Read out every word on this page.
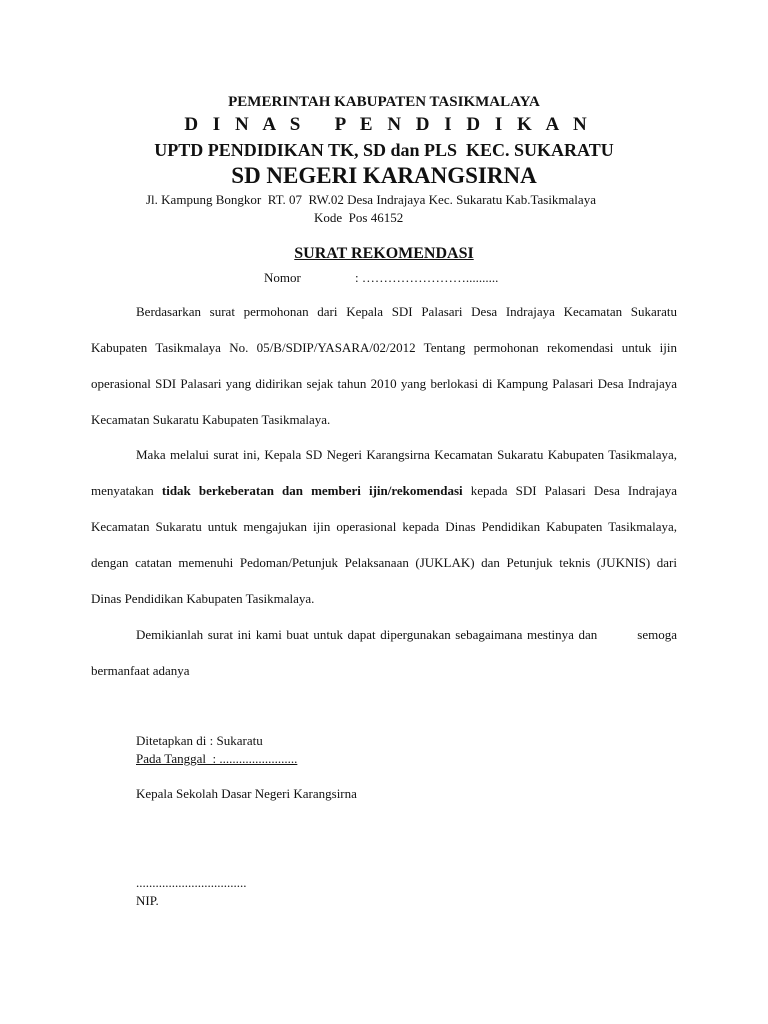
PEMERINTAH KABUPATEN TASIKMALAYA
D I N A S   P E N D I D I K A N
UPTD PENDIDIKAN TK, SD dan PLS  KEC. SUKARATU
SD NEGERI KARANGSIRNA
Jl. Kampung Bongkor  RT. 07  RW.02 Desa Indrajaya Kec. Sukaratu Kab.Tasikmalaya
Kode  Pos 46152
SURAT REKOMENDASI
Nomor	: ……………………..........

Berdasarkan surat permohonan dari Kepala SDI Palasari Desa Indrajaya Kecamatan Sukaratu Kabupaten Tasikmalaya No. 05/B/SDIP/YASARA/02/2012 Tentang permohonan rekomendasi untuk ijin operasional SDI Palasari yang didirikan sejak tahun 2010 yang berlokasi di Kampung Palasari Desa Indrajaya Kecamatan Sukaratu Kabupaten Tasikmalaya.

Maka melalui surat ini, Kepala SD Negeri Karangsirna Kecamatan Sukaratu Kabupaten Tasikmalaya, menyatakan tidak berkeberatan dan memberi ijin/rekomendasi kepada SDI Palasari Desa Indrajaya Kecamatan Sukaratu untuk mengajukan ijin operasional kepada Dinas Pendidikan Kabupaten Tasikmalaya, dengan catatan memenuhi Pedoman/Petunjuk Pelaksanaan (JUKLAK) dan Petunjuk teknis (JUKNIS) dari Dinas Pendidikan Kabupaten Tasikmalaya.

Demikianlah surat ini kami buat untuk dapat dipergunakan sebagaimana mestinya dan	semoga bermanfaat adanya

Ditetapkan di : Sukaratu
Pada Tanggal  : ........................
Kepala Sekolah Dasar Negeri Karangsirna
..................................
NIP.
